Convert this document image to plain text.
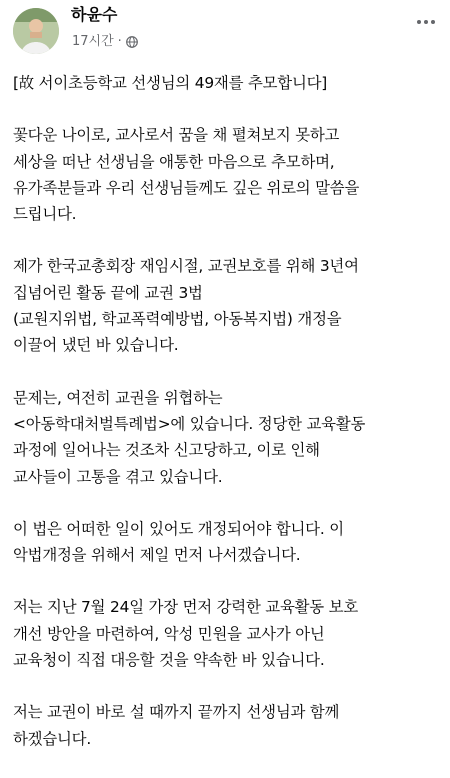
하윤수
17시간 ·

[故 서이초등학교 선생님의 49재를 추모합니다]

꽃다운 나이로, 교사로서 꿈을 채 펼쳐보지 못하고
세상을 떠난 선생님을 애통한 마음으로 추모하며,
유가족분들과 우리 선생님들께도 깊은 위로의 말씀을
드립니다.

제가 한국교총회장 재임시절, 교권보호를 위해 3년여
집념어린 활동 끝에 교권 3법
(교원지위법, 학교폭력예방법, 아동복지법) 개정을
이끌어 냈던 바 있습니다.

문제는, 여전히 교권을 위협하는
<아동학대처벌특례법>에 있습니다. 정당한 교육활동
과정에 일어나는 것조차 신고당하고, 이로 인해
교사들이 고통을 겪고 있습니다.

이 법은 어떠한 일이 있어도 개정되어야 합니다. 이
악법개정을 위해서 제일 먼저 나서겠습니다.

저는 지난 7월 24일 가장 먼저 강력한 교육활동 보호
개선 방안을 마련하여, 악성 민원을 교사가 아닌
교육청이 직접 대응할 것을 약속한 바 있습니다.

저는 교권이 바로 설 때까지 끝까지 선생님과 함께
하겠습니다.
